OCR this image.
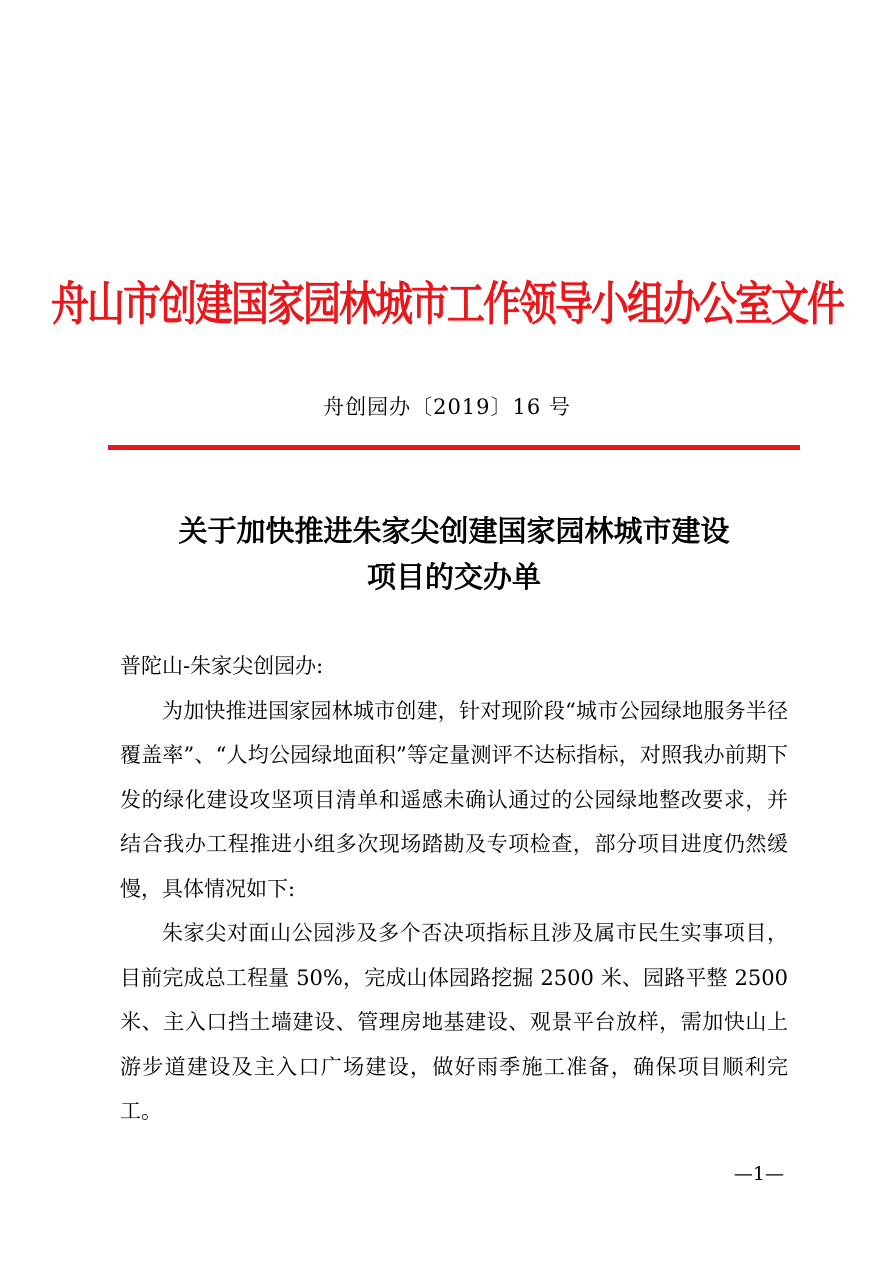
舟山市创建国家园林城市工作领导小组办公室文件
舟创园办〔2019〕16 号
关于加快推进朱家尖创建国家园林城市建设
项目的交办单

普陀山-朱家尖创园办:

为加快推进国家园林城市创建，针对现阶段“城市公园绿地服务半径覆盖率”、“人均公园绿地面积”等定量测评不达标指标，对照我办前期下发的绿化建设攻坚项目清单和遥感未确认通过的公园绿地整改要求，并结合我办工程推进小组多次现场踏勘及专项检查，部分项目进度仍然缓慢，具体情况如下:

朱家尖对面山公园涉及多个否决项指标且涉及属市民生实事项目，目前完成总工程量 50%，完成山体园路挖掘 2500 米、园路平整 2500 米、主入口挡土墙建设、管理房地基建设、观景平台放样，需加快山上游步道建设及主入口广场建设，做好雨季施工准备，确保项目顺利完工。

—1—
